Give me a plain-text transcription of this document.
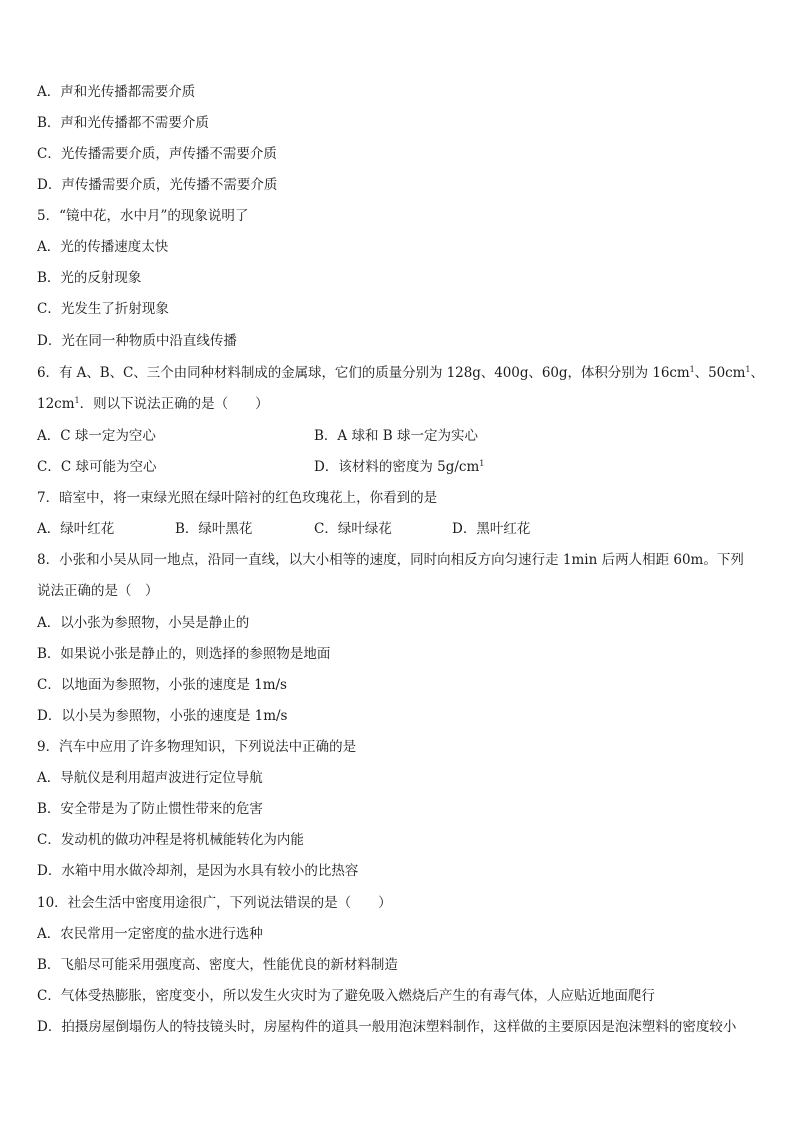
A．声和光传播都需要介质
B．声和光传播都不需要介质
C．光传播需要介质，声传播不需要介质
D．声传播需要介质，光传播不需要介质
5．“镜中花，水中月”的现象说明了
A．光的传播速度太快
B．光的反射现象
C．光发生了折射现象
D．光在同一种物质中沿直线传播
6．有 A、B、C、三个由同种材料制成的金属球，它们的质量分别为 128g、400g、60g，体积分别为 $16cm^1$、$50cm^1$、
$12cm^1$．则以下说法正确的是（　　）
A．C 球一定为空心	B．A 球和 B 球一定为实心
C．C 球可能为空心	D．该材料的密度为 $5g/cm^1$
7．暗室中，将一束绿光照在绿叶陪衬的红色玫瑰花上，你看到的是
A．绿叶红花	B．绿叶黑花	C．绿叶绿花	D．黑叶红花
8．小张和小吴从同一地点，沿同一直线，以大小相等的速度，同时向相反方向匀速行走 1min 后两人相距 60m。下列
说法正确的是（　）
A．以小张为参照物，小吴是静止的
B．如果说小张是静止的，则选择的参照物是地面
C．以地面为参照物，小张的速度是 1m/s
D．以小吴为参照物，小张的速度是 1m/s
9．汽车中应用了许多物理知识，下列说法中正确的是
A．导航仪是利用超声波进行定位导航
B．安全带是为了防止惯性带来的危害
C．发动机的做功冲程是将机械能转化为内能
D．水箱中用水做冷却剂，是因为水具有较小的比热容
10．社会生活中密度用途很广，下列说法错误的是（　　）
A．农民常用一定密度的盐水进行选种
B．飞船尽可能采用强度高、密度大，性能优良的新材料制造
C．气体受热膨胀，密度变小，所以发生火灾时为了避免吸入燃烧后产生的有毒气体，人应贴近地面爬行
D．拍摄房屋倒塌伤人的特技镜头时，房屋构件的道具一般用泡沫塑料制作，这样做的主要原因是泡沫塑料的密度较小
